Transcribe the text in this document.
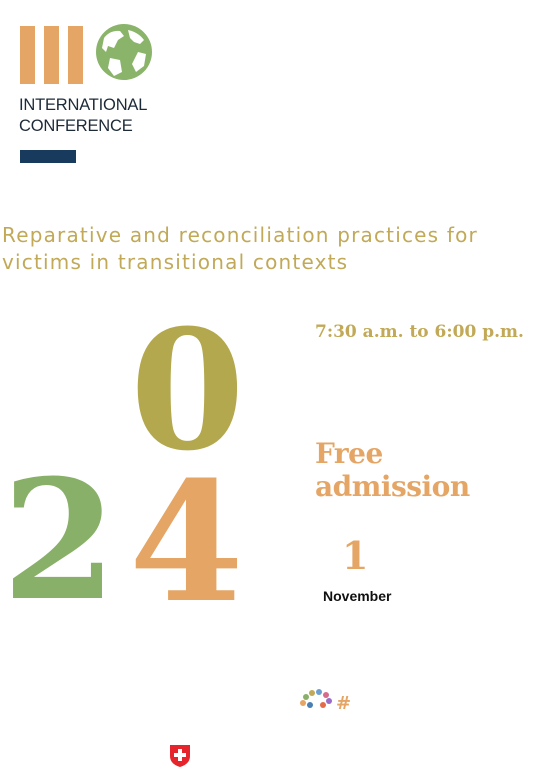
INTERNATIONAL
CONFERENCE
Reparative and reconciliation practices for victims in transitional contexts
0
2 4
7:30 a.m. to 6:00 p.m.
Free admission
1
November
#
